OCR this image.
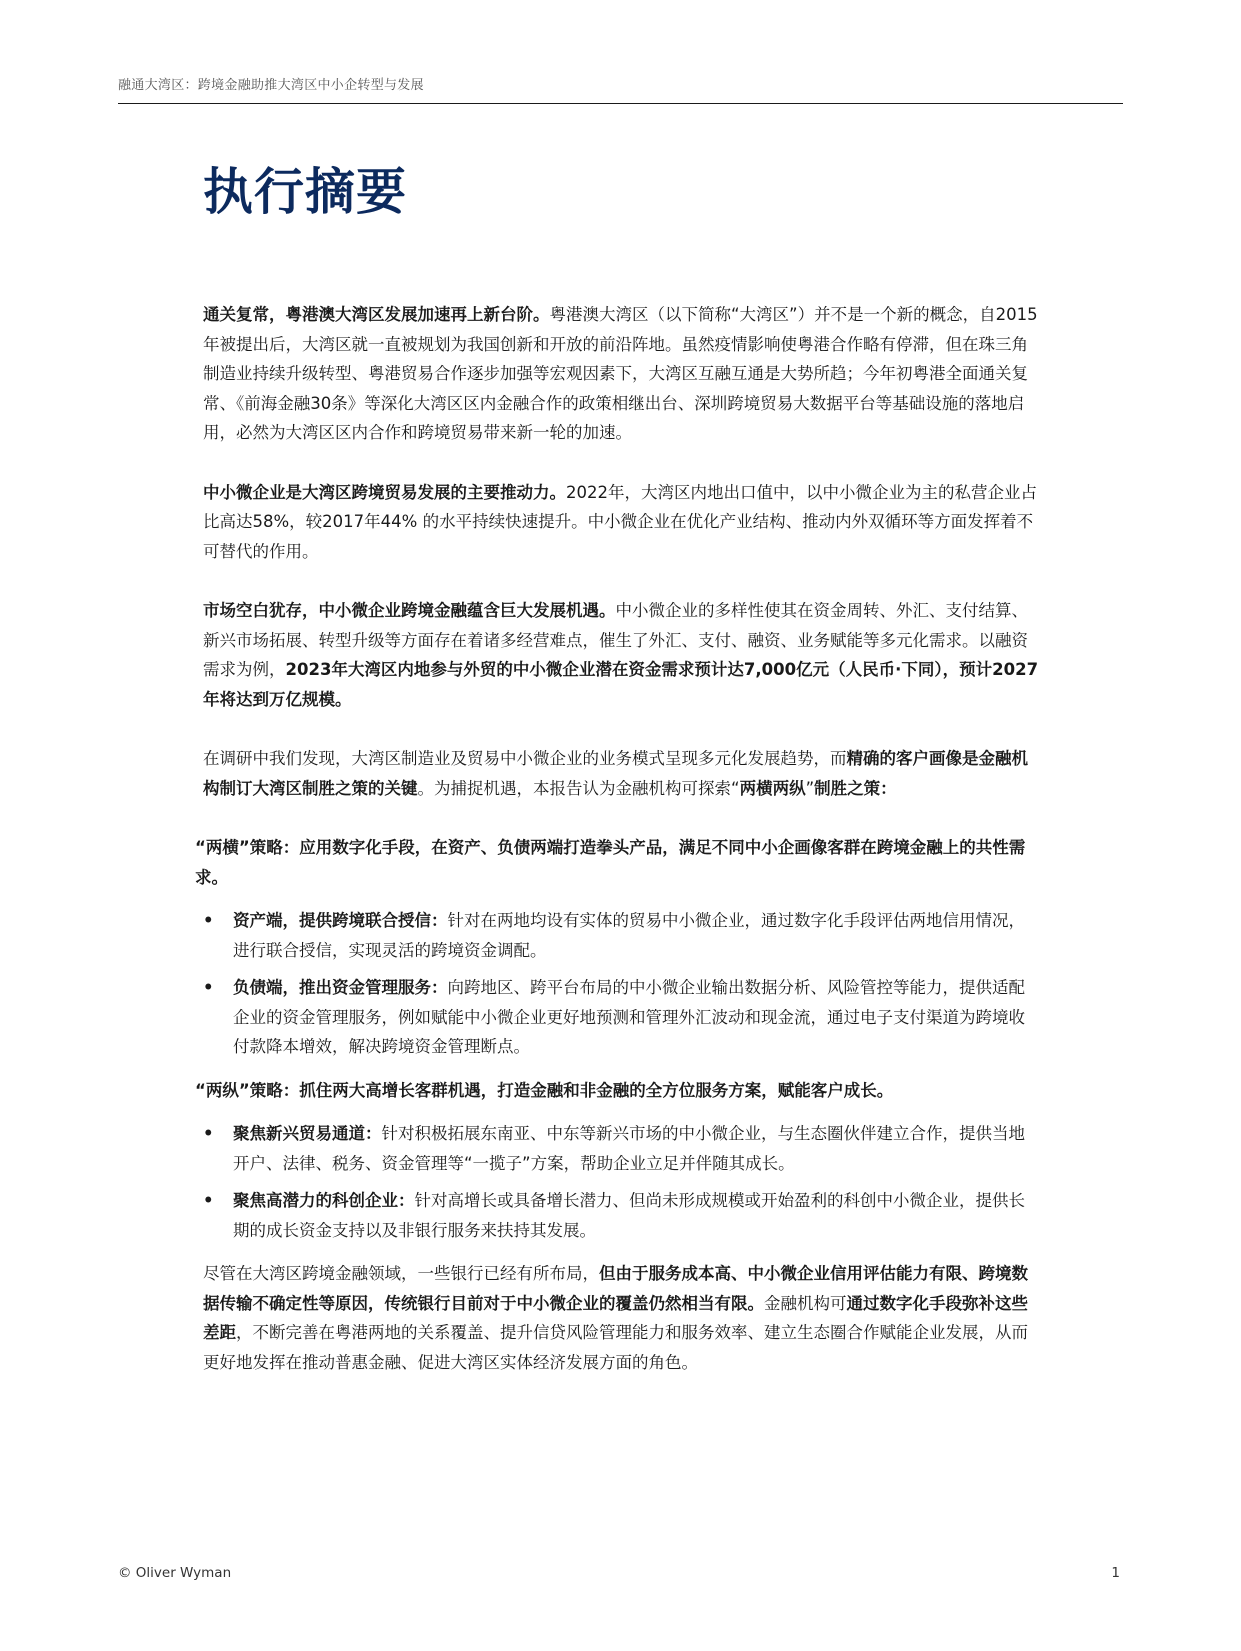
融通大湾区：跨境金融助推大湾区中小企转型与发展
执行摘要

通关复常，粤港澳大湾区发展加速再上新台阶。粤港澳大湾区（以下简称“大湾区”）并不是一个新的概念，自2015年被提出后，大湾区就一直被规划为我国创新和开放的前沿阵地。虽然疫情影响使粤港合作略有停滞，但在珠三角制造业持续升级转型、粤港贸易合作逐步加强等宏观因素下，大湾区互融互通是大势所趋；今年初粤港全面通关复常、《前海金融30条》等深化大湾区区内金融合作的政策相继出台、深圳跨境贸易大数据平台等基础设施的落地启用，必然为大湾区区内合作和跨境贸易带来新一轮的加速。

中小微企业是大湾区跨境贸易发展的主要推动力。2022年，大湾区内地出口值中，以中小微企业为主的私营企业占比高达58%，较2017年44% 的水平持续快速提升。中小微企业在优化产业结构、推动内外双循环等方面发挥着不可替代的作用。

市场空白犹存，中小微企业跨境金融蕴含巨大发展机遇。中小微企业的多样性使其在资金周转、外汇、支付结算、新兴市场拓展、转型升级等方面存在着诸多经营难点，催生了外汇、支付、融资、业务赋能等多元化需求。以融资需求为例，2023年大湾区内地参与外贸的中小微企业潜在资金需求预计达7,000亿元（人民币·下同），预计2027年将达到万亿规模。

在调研中我们发现，大湾区制造业及贸易中小微企业的业务模式呈现多元化发展趋势，而精确的客户画像是金融机构制订大湾区制胜之策的关键。为捕捉机遇，本报告认为金融机构可探索“两横两纵”制胜之策：

“两横”策略：应用数字化手段，在资产、负债两端打造拳头产品，满足不同中小企画像客群在跨境金融上的共性需求。

• 资产端，提供跨境联合授信：针对在两地均设有实体的贸易中小微企业，通过数字化手段评估两地信用情况，进行联合授信，实现灵活的跨境资金调配。
• 负债端，推出资金管理服务：向跨地区、跨平台布局的中小微企业输出数据分析、风险管控等能力，提供适配企业的资金管理服务，例如赋能中小微企业更好地预测和管理外汇波动和现金流，通过电子支付渠道为跨境收付款降本增效，解决跨境资金管理断点。

“两纵”策略：抓住两大高增长客群机遇，打造金融和非金融的全方位服务方案，赋能客户成长。

• 聚焦新兴贸易通道：针对积极拓展东南亚、中东等新兴市场的中小微企业，与生态圈伙伴建立合作，提供当地开户、法律、税务、资金管理等“一揽子”方案，帮助企业立足并伴随其成长。
• 聚焦高潜力的科创企业：针对高增长或具备增长潜力、但尚未形成规模或开始盈利的科创中小微企业，提供长期的成长资金支持以及非银行服务来扶持其发展。

尽管在大湾区跨境金融领域，一些银行已经有所布局，但由于服务成本高、中小微企业信用评估能力有限、跨境数据传输不确定性等原因，传统银行目前对于中小微企业的覆盖仍然相当有限。金融机构可通过数字化手段弥补这些差距，不断完善在粤港两地的关系覆盖、提升信贷风险管理能力和服务效率、建立生态圈合作赋能企业发展，从而更好地发挥在推动普惠金融、促进大湾区实体经济发展方面的角色。

© Oliver Wyman	1
